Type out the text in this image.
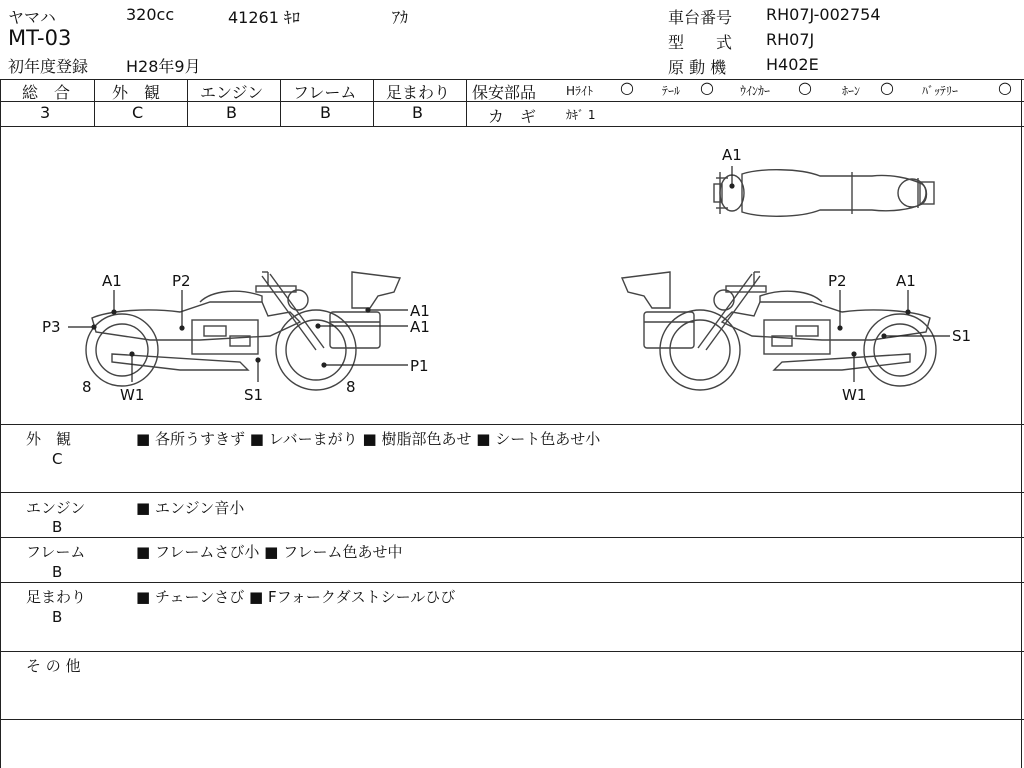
ヤマハ	320cc	41261 ｷﾛ	ｱｶ
MT-03
初年度登録 H28年9月
車台番号 RH07J-002754
型　　式 RH07J
原 動 機 H402E
総　合	外　観 エンジン フレーム 足まわり
3	C	B	B	B
保安部品 Hﾗｲﾄ ○ ﾃｰﾙ ○ ｳｲﾝｶｰ ○	ﾎｰﾝ ○ ﾊﾞｯﾃﾘｰ ○
カ　ギ ｶｷﾞ 1
A1
A1	P2
P3
A1
A1
P1
8	8
W1	S1
P2	A1
S1
W1
外　観
C
■ 各所うすきず ■ レバーまがり ■ 樹脂部色あせ ■ シート色あせ小
エンジン
B
■ エンジン音小
フレーム
B
■ フレームさび小 ■ フレーム色あせ中
足まわり
B
■ チェーンさび ■ Fフォークダストシールひび
そ の 他
